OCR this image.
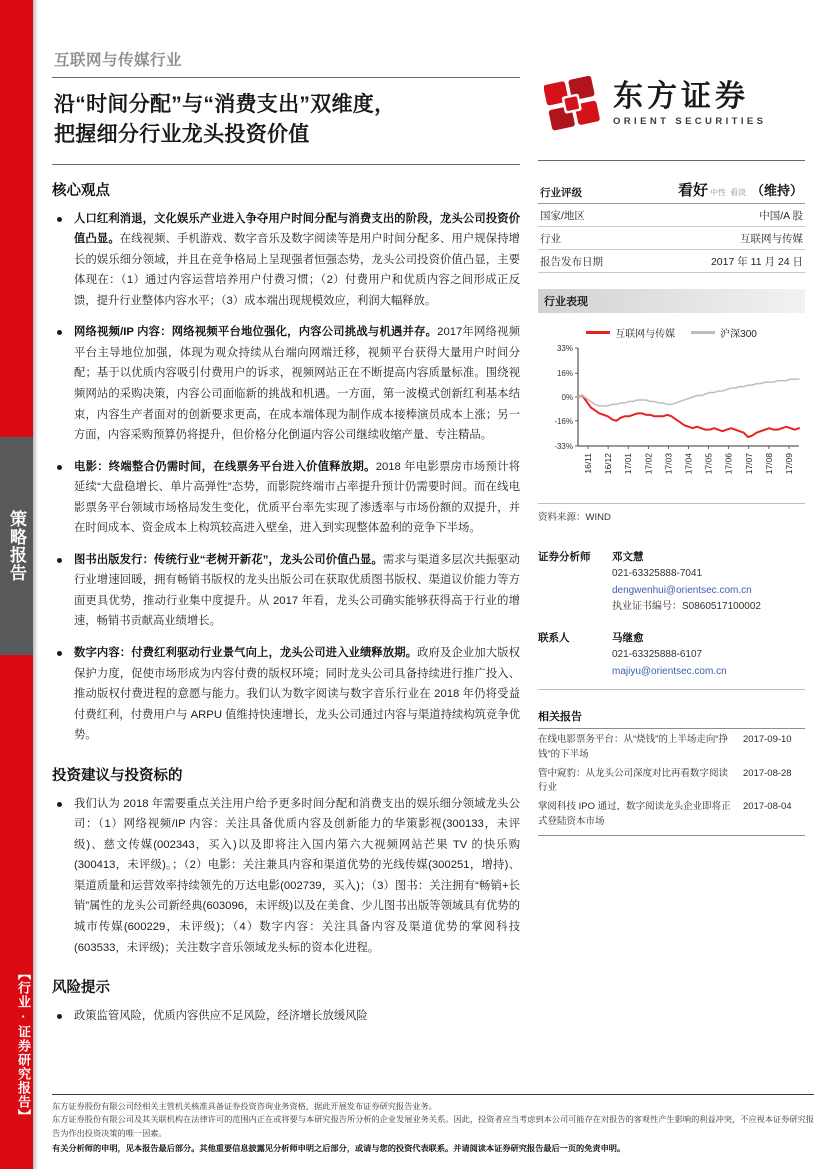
策略报告
【行业·证券研究报告】
互联网与传媒行业
沿“时间分配”与“消费支出”双维度，
把握细分行业龙头投资价值
核心观点
人口红利消退，文化娱乐产业进入争夺用户时间分配与消费支出的阶段，龙头公司投资价值凸显。在线视频、手机游戏、数字音乐及数字阅读等是用户时间分配多、用户规保持增长的娱乐细分领域，并且在竞争格局上呈现强者恒强态势，龙头公司投资价值凸显，主要体现在：（1）通过内容运营培养用户付费习惯；（2）付费用户和优质内容之间形成正反馈，提升行业整体内容水平；（3）成本端出现规模效应，利润大幅释放。
网络视频/IP 内容：网络视频平台地位强化，内容公司挑战与机遇并存。2017年网络视频平台主导地位加强，体现为观众持续从台端向网端迁移，视频平台获得大量用户时间分配；基于以优质内容吸引付费用户的诉求，视频网站正在不断提高内容质量标准。围绕视频网站的采购决策，内容公司面临新的挑战和机遇。一方面，第一波模式创新红利基本结束，内容生产者面对的创新要求更高，在成本端体现为制作成本接棒演员成本上涨；另一方面，内容采购预算仍将提升，但价格分化倒逼内容公司继续收缩产量、专注精品。
电影：终端整合仍需时间，在线票务平台进入价值释放期。2018 年电影票房市场预计将延续“大盘稳增长、单片高弹性”态势，而影院终端市占率提升预计仍需要时间。而在线电影票务平台领域市场格局发生变化，优质平台率先实现了渗透率与市场份额的双提升，并在时间成本、资金成本上构筑较高进入壁垒，进入到实现整体盈利的竞争下半场。
图书出版发行：传统行业“老树开新花”，龙头公司价值凸显。需求与渠道多层次共振驱动行业增速回暖，拥有畅销书版权的龙头出版公司在获取优质图书版权、渠道议价能力等方面更具优势，推动行业集中度提升。从 2017 年看，龙头公司确实能够获得高于行业的增速，畅销书贡献高业绩增长。
数字内容：付费红利驱动行业景气向上，龙头公司进入业绩释放期。政府及企业加大版权保护力度，促使市场形成为内容付费的版权环境；同时龙头公司具备持续进行推广投入、推动版权付费进程的意愿与能力。我们认为数字阅读与数字音乐行业在 2018 年仍将受益付费红利，付费用户与 ARPU 值维持快速增长，龙头公司通过内容与渠道持续构筑竞争优势。
投资建议与投资标的
我们认为 2018 年需要重点关注用户给予更多时间分配和消费支出的娱乐细分领域龙头公司：（1）网络视频/IP 内容：关注具备优质内容及创新能力的华策影视(300133，未评级)、慈文传媒(002343，买入)以及即将注入国内第六大视频网站芒果 TV 的快乐购(300413，未评级)。；（2）电影：关注兼具内容和渠道优势的光线传媒(300251，增持)、渠道质量和运营效率持续领先的万达电影(002739，买入)；（3）图书：关注拥有“畅销+长销”属性的龙头公司新经典(603096，未评级)以及在美食、少儿图书出版等领域具有优势的城市传媒(600229，未评级)；（4）数字内容：关注具备内容及渠道优势的掌阅科技(603533，未评级)；关注数字音乐领域龙头标的资本化进程。
风险提示
政策监管风险，优质内容供应不足风险，经济增长放缓风险
东方证券
ORIENT SECURITIES
行业评级	看好 中性 看淡 （维持）
国家/地区	中国/A 股
行业	互联网与传媒
报告发布日期	2017 年 11 月 24 日
行业表现
互联网与传媒	沪深300
33%
16%
0%
-16%
-33%
16/11 16/12 17/01 17/02 17/03 17/04 17/05 17/06 17/07 17/08 17/09
资料来源：WIND
证券分析师	邓文慧
021-63325888-7041
dengwenhui@orientsec.com.cn
执业证书编号：S0860517100002
联系人	马继愈
021-63325888-6107
majiyu@orientsec.com.cn
相关报告
在线电影票务平台：从“烧钱”的上半场走向“挣钱”的下半场
2017-09-10
管中窥豹：从龙头公司深度对比再看数字阅读行业
2017-08-28
掌阅科技 IPO 通过，数字阅读龙头企业即将正式登陆资本市场
2017-08-04

东方证券股份有限公司经相关主管机关核准具备证券投资咨询业务资格，据此开展发布证券研究报告业务。

东方证券股份有限公司及其关联机构在法律许可的范围内正在或将要与本研究报告所分析的企业发展业务关系。因此，投资者应当考虑到本公司可能存在对报告的客观性产生影响的利益冲突，不应视本证券研究报告为作出投资决策的唯一因素。

有关分析师的申明，见本报告最后部分。其他重要信息披露见分析师申明之后部分，或请与您的投资代表联系。并请阅读本证券研究报告最后一页的免责申明。
